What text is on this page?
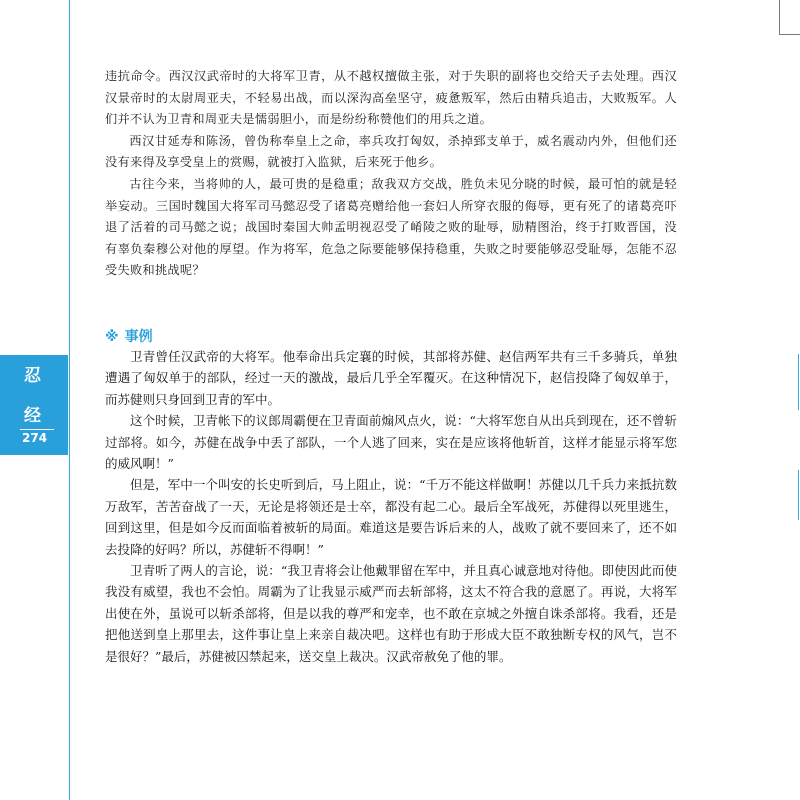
忍
经
274

违抗命令。西汉汉武帝时的大将军卫青，从不越权擅做主张，对于失职的副将也交给天子去处理。西汉汉景帝时的太尉周亚夫，不轻易出战，而以深沟高垒坚守，疲惫叛军，然后由精兵追击，大败叛军。人们并不认为卫青和周亚夫是懦弱胆小，而是纷纷称赞他们的用兵之道。

西汉甘延寿和陈汤，曾伪称奉皇上之命，率兵攻打匈奴，杀掉郅支单于，威名震动内外，但他们还没有来得及享受皇上的赏赐，就被打入监狱，后来死于他乡。

古往今来，当将帅的人，最可贵的是稳重；敌我双方交战，胜负未见分晓的时候，最可怕的就是轻举妄动。三国时魏国大将军司马懿忍受了诸葛亮赠给他一套妇人所穿衣服的侮辱，更有死了的诸葛亮吓退了活着的司马懿之说；战国时秦国大帅孟明视忍受了崤陵之败的耻辱，励精图治，终于打败晋国，没有辜负秦穆公对他的厚望。作为将军，危急之际要能够保持稳重，失败之时要能够忍受耻辱，怎能不忍受失败和挑战呢？

※ 事例

卫青曾任汉武帝的大将军。他奉命出兵定襄的时候，其部将苏健、赵信两军共有三千多骑兵，单独遭遇了匈奴单于的部队，经过一天的激战，最后几乎全军覆灭。在这种情况下，赵信投降了匈奴单于，而苏健则只身回到卫青的军中。

这个时候，卫青帐下的议郎周霸便在卫青面前煽风点火，说：“大将军您自从出兵到现在，还不曾斩过部将。如今，苏健在战争中丢了部队，一个人逃了回来，实在是应该将他斩首，这样才能显示将军您的威风啊！”

但是，军中一个叫安的长史听到后，马上阻止，说：“千万不能这样做啊！苏健以几千兵力来抵抗数万敌军，苦苦奋战了一天，无论是将领还是士卒，都没有起二心。最后全军战死，苏健得以死里逃生，回到这里，但是如今反而面临着被斩的局面。难道这是要告诉后来的人，战败了就不要回来了，还不如去投降的好吗？所以，苏健斩不得啊！”

卫青听了两人的言论，说：“我卫青将会让他戴罪留在军中，并且真心诚意地对待他。即使因此而使我没有威望，我也不会怕。周霸为了让我显示威严而去斩部将，这太不符合我的意愿了。再说，大将军出使在外，虽说可以斩杀部将，但是以我的尊严和宠幸，也不敢在京城之外擅自诛杀部将。我看，还是把他送到皇上那里去，这件事让皇上来亲自裁决吧。这样也有助于形成大臣不敢独断专权的风气，岂不是很好？”最后，苏健被囚禁起来，送交皇上裁决。汉武帝赦免了他的罪。
